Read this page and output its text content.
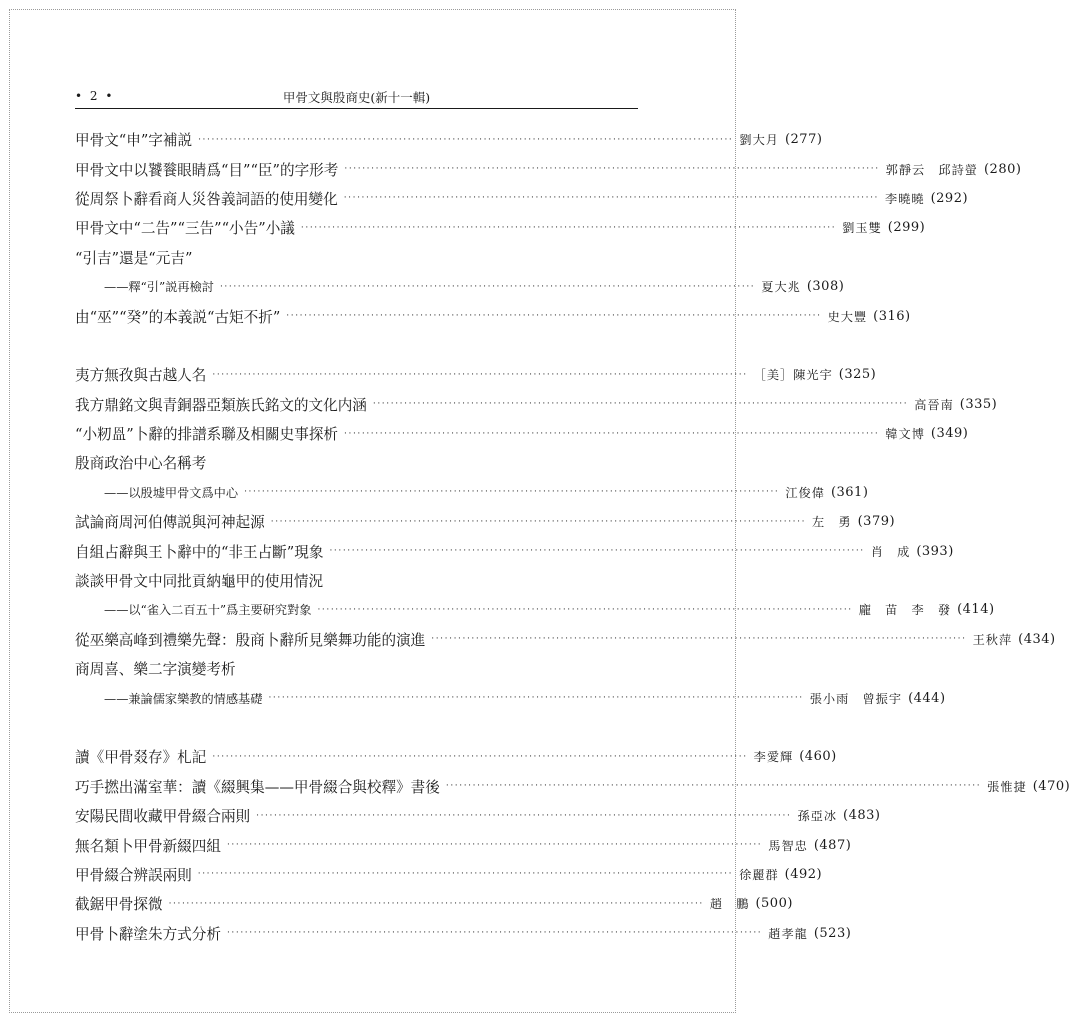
• 2 •	甲骨文與殷商史(新十一輯)
甲骨文“申”字補説 ························································································································ 劉大月 (277)
甲骨文中以饕餮眼睛爲“目”“臣”的字形考 ························································································································ 郭靜云　邱詩螢 (280)
從周祭卜辭看商人災咎義詞語的使用變化 ························································································································ 李曉曉 (292)
甲骨文中“二告”“三告”“小告”小議 ························································································································ 劉玉雙 (299)
“引吉”還是“元吉”
——釋“引”説再檢討 ························································································································ 夏大兆 (308)
由“巫”“癸”的本義説“古矩不折” ························································································································ 史大豐 (316)
夷方無孜與古越人名 ························································································································ ［美］陳光宇 (325)
我方鼎銘文與青銅器亞類族氏銘文的文化内涵 ························································································································ 高晉南 (335)
“小籾𥁕”卜辭的排譜系聯及相關史事探析 ························································································································ 韓文博 (349)
殷商政治中心名稱考
——以殷墟甲骨文爲中心 ························································································································ 江俊偉 (361)
試論商周河伯傳説與河神起源 ························································································································ 左　勇 (379)
自組占辭與王卜辭中的“非王占斷”現象 ························································································································ 肖　成 (393)
談談甲骨文中同批貢納龜甲的使用情況
——以“雀入二百五十”爲主要研究對象 ························································································································ 龐　苗　李　發 (414)
從巫樂高峰到禮樂先聲：殷商卜辭所見樂舞功能的演進 ························································································································ 王秋萍 (434)
商周喜、樂二字演變考析
——兼論儒家樂教的情感基礎 ························································································································ 張小雨　曾振宇 (444)
讀《甲骨叕存》札記 ························································································································ 李愛輝 (460)
巧手撚出滿室華：讀《綴興集——甲骨綴合與校釋》書後 ························································································································ 張惟捷 (470)
安陽民間收藏甲骨綴合兩則 ························································································································ 孫亞冰 (483)
無名類卜甲骨新綴四組 ························································································································ 馬智忠 (487)
甲骨綴合辨誤兩則 ························································································································ 徐麗群 (492)
截鋸甲骨探微 ························································································································ 趙　鵬 (500)
甲骨卜辭塗朱方式分析 ························································································································ 趙孝龍 (523)
